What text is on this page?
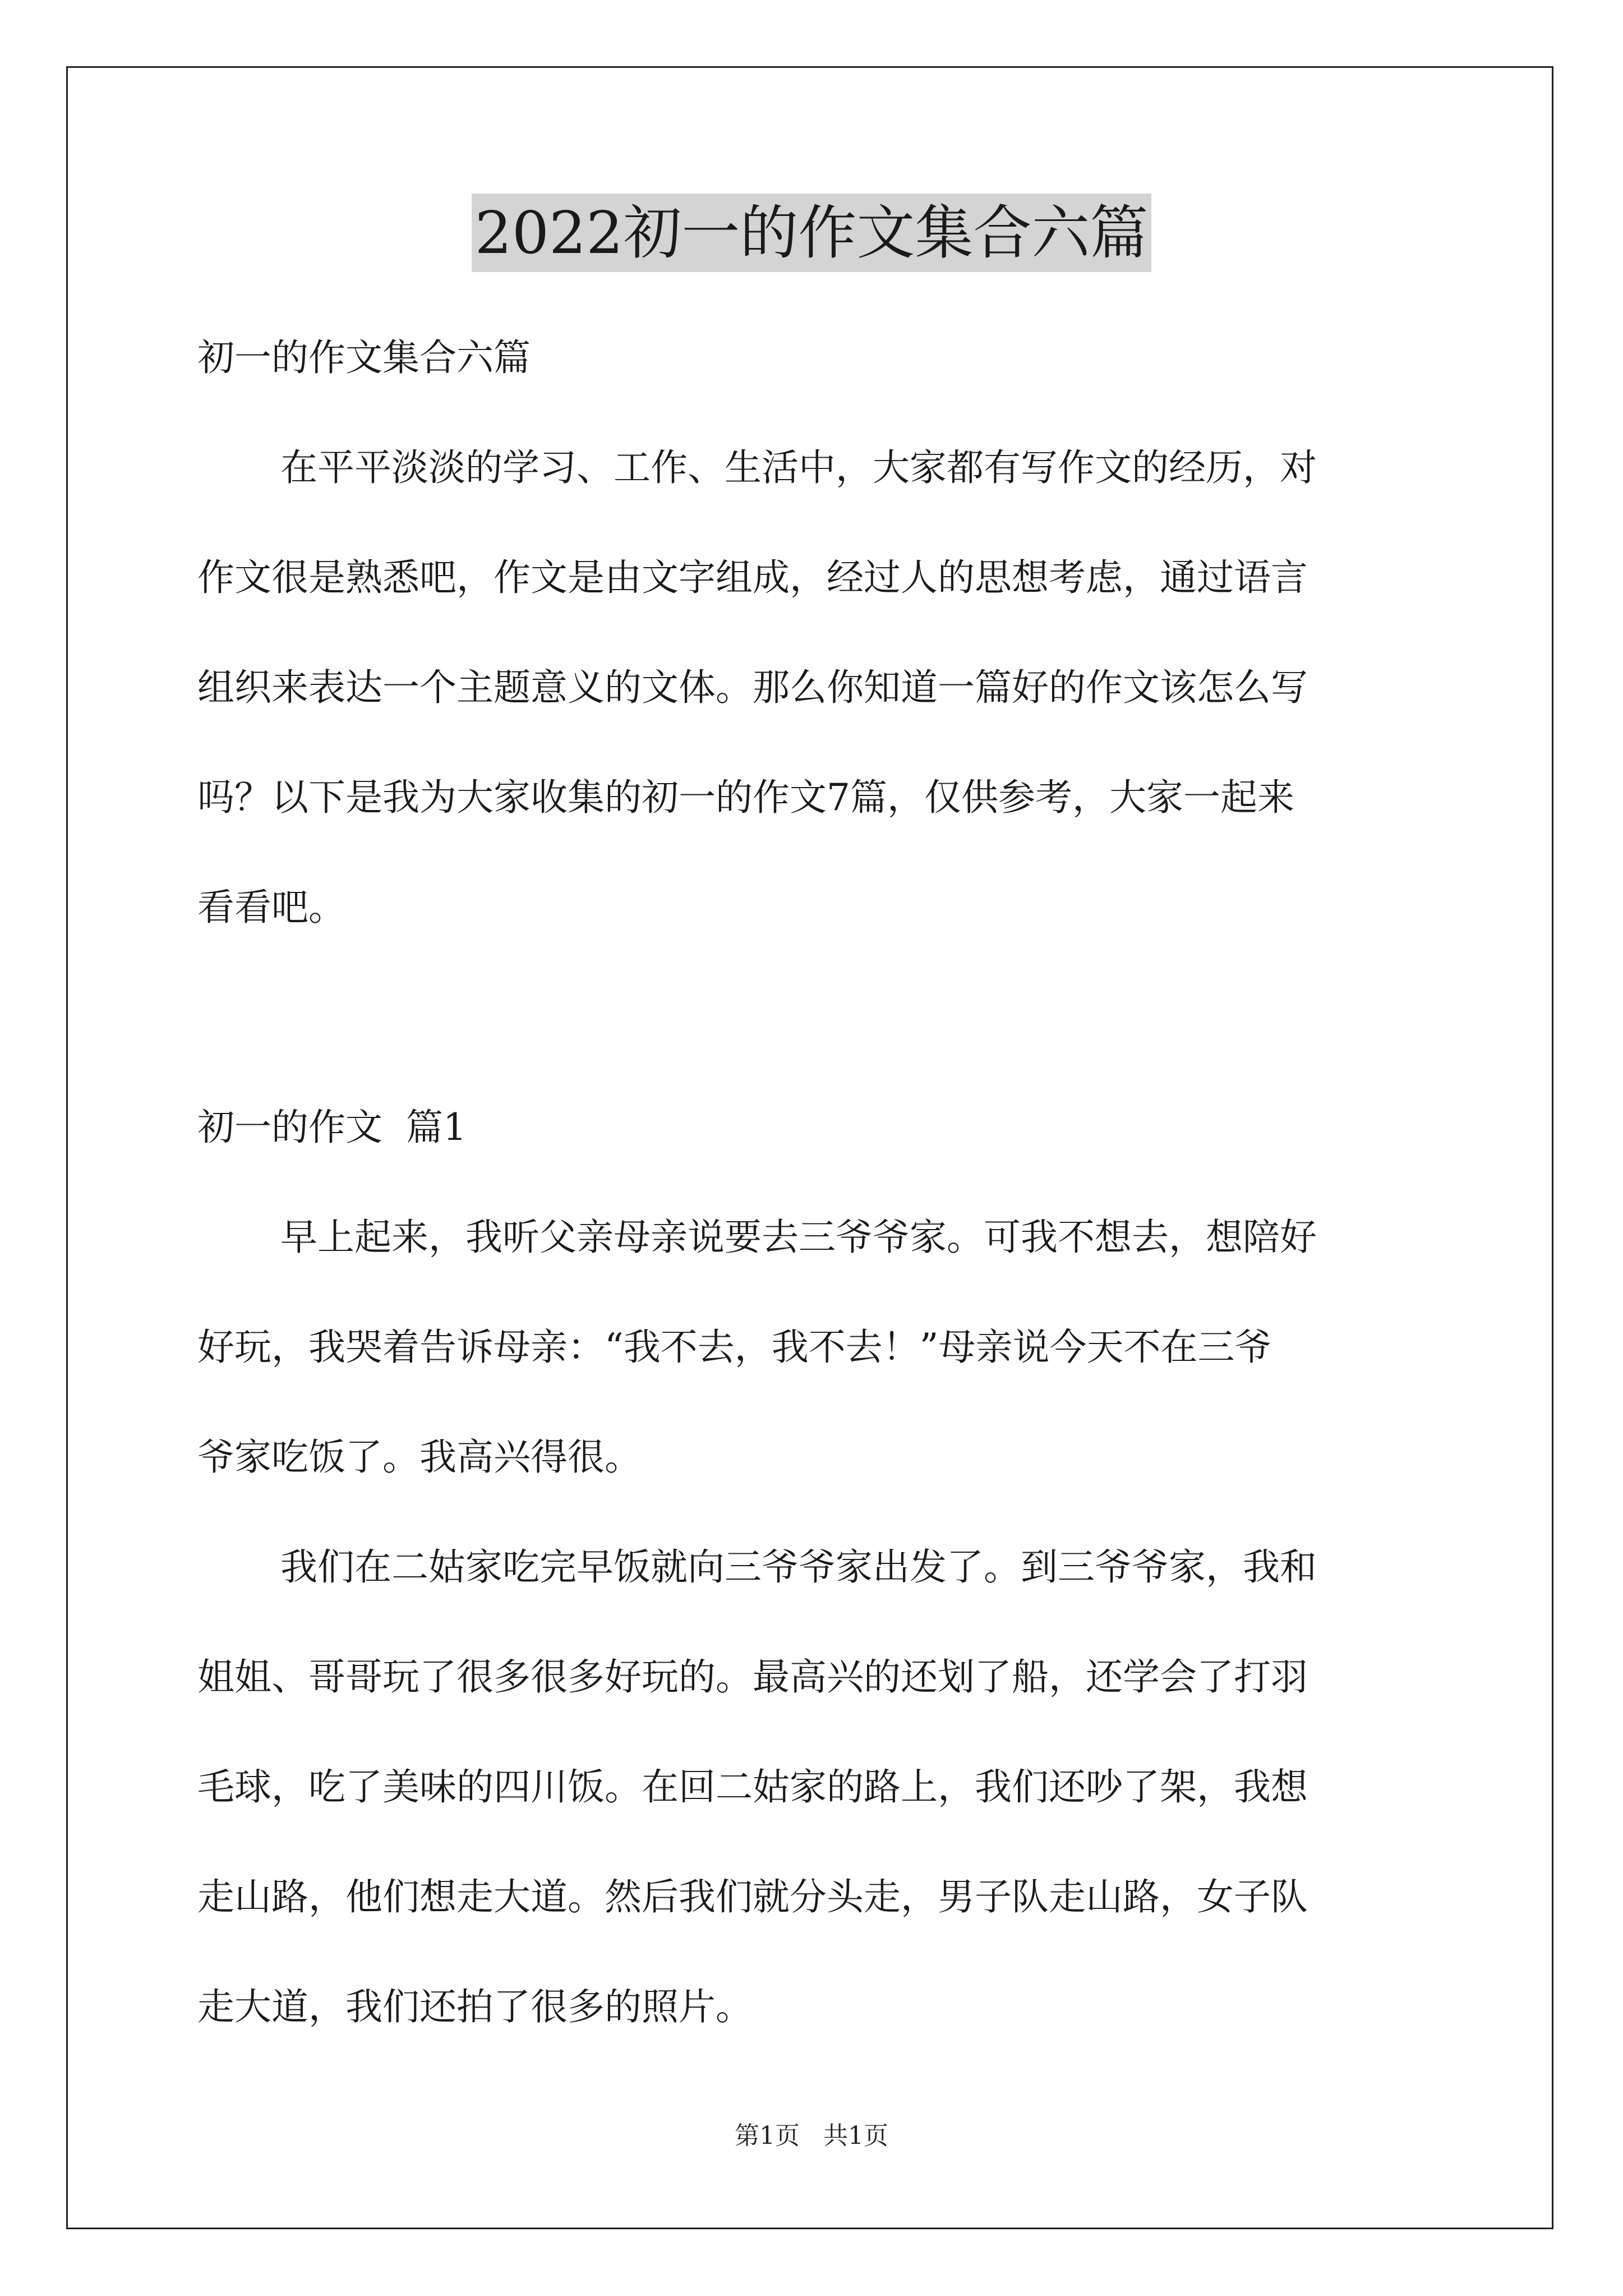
2022初一的作文集合六篇
初一的作文集合六篇
在平平淡淡的学习、工作、生活中，大家都有写作文的经历，对
作文很是熟悉吧，作文是由文字组成，经过人的思想考虑，通过语言
组织来表达一个主题意义的文体。那么你知道一篇好的作文该怎么写
吗？以下是我为大家收集的初一的作文7篇，仅供参考，大家一起来
看看吧。
初一的作文  篇1
早上起来，我听父亲母亲说要去三爷爷家。可我不想去，想陪好
好玩，我哭着告诉母亲：“我不去，我不去！”母亲说今天不在三爷
爷家吃饭了。我高兴得很。
我们在二姑家吃完早饭就向三爷爷家出发了。到三爷爷家，我和
姐姐、哥哥玩了很多很多好玩的。最高兴的还划了船，还学会了打羽
毛球，吃了美味的四川饭。在回二姑家的路上，我们还吵了架，我想
走山路，他们想走大道。然后我们就分头走，男子队走山路，女子队
走大道，我们还拍了很多的照片。
第1页 共1页
